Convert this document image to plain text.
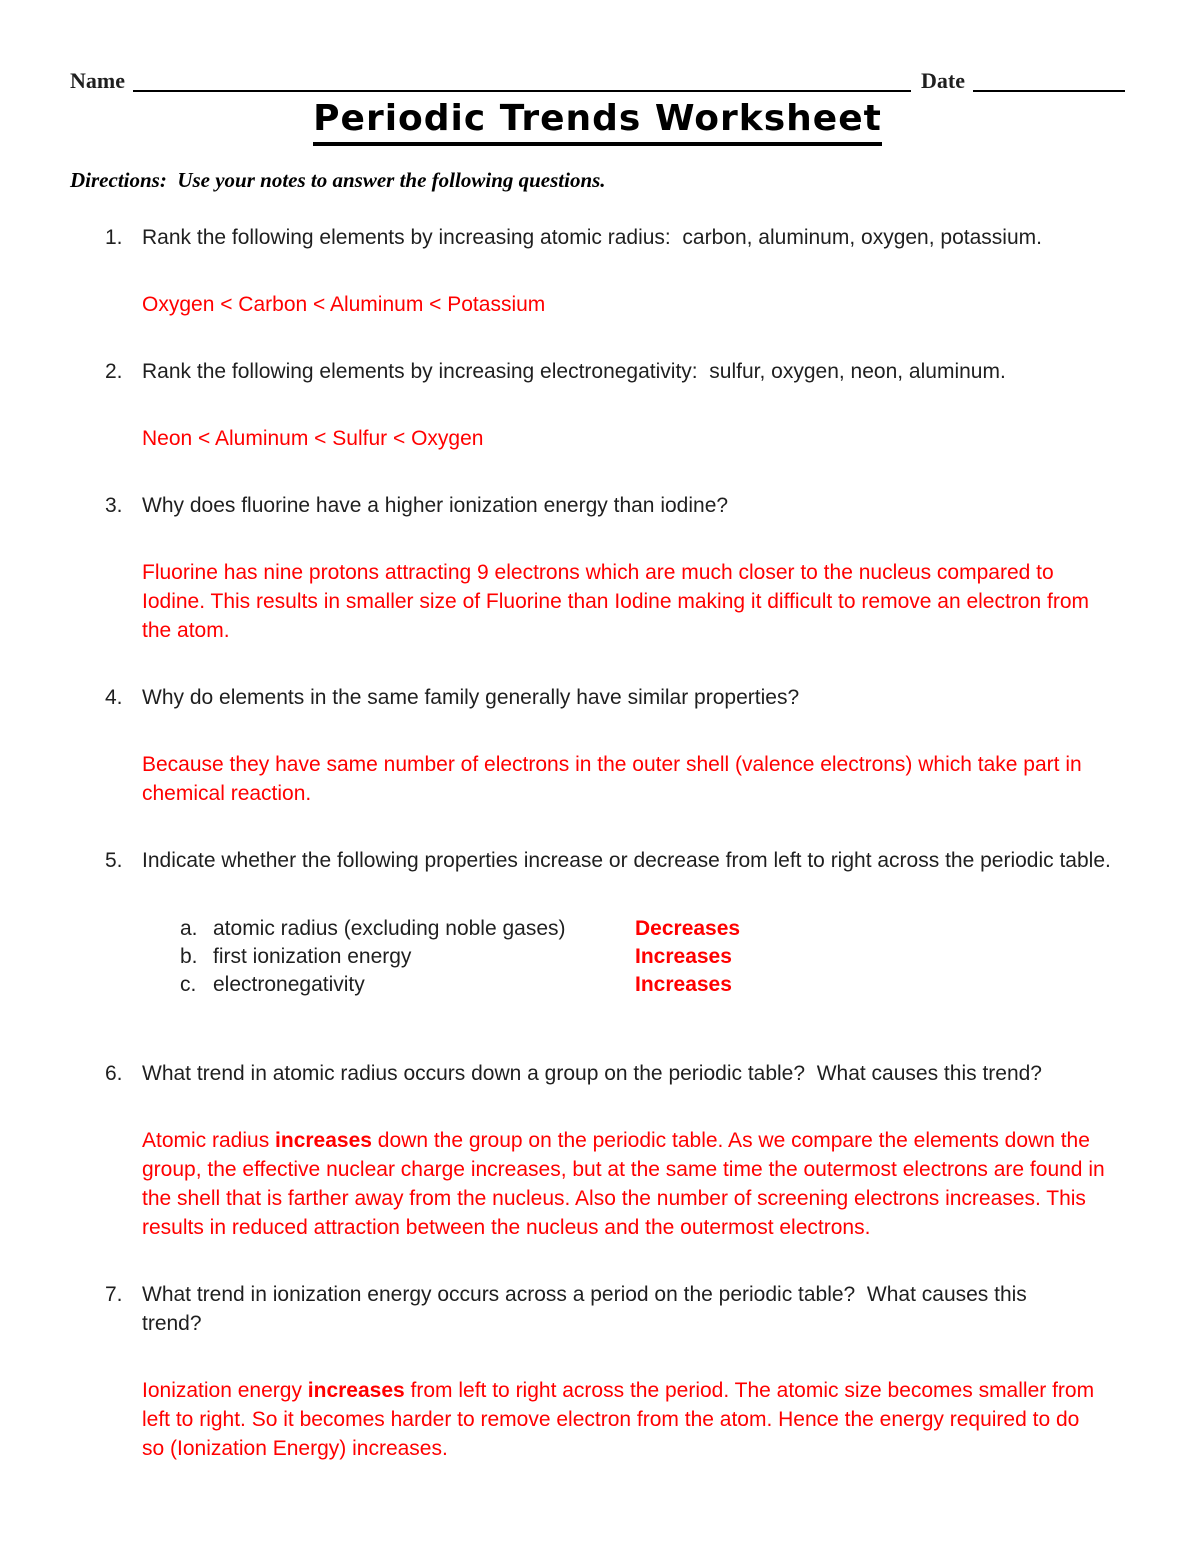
Name	Date
Periodic Trends Worksheet

Directions:  Use your notes to answer the following questions.

1. Rank the following elements by increasing atomic radius:  carbon, aluminum, oxygen, potassium.

Oxygen < Carbon < Aluminum < Potassium

2. Rank the following elements by increasing electronegativity:  sulfur, oxygen, neon, aluminum.

Neon < Aluminum < Sulfur < Oxygen

3. Why does fluorine have a higher ionization energy than iodine?

Fluorine has nine protons attracting 9 electrons which are much closer to the nucleus compared to Iodine. This results in smaller size of Fluorine than Iodine making it difficult to remove an electron from the atom.

4. Why do elements in the same family generally have similar properties?

Because they have same number of electrons in the outer shell (valence electrons) which take part in chemical reaction.

5. Indicate whether the following properties increase or decrease from left to right across the periodic table.

a. atomic radius (excluding noble gases)	Decreases
b. first ionization energy	Increases
c. electronegativity	Increases
6. What trend in atomic radius occurs down a group on the periodic table?  What causes this trend?

Atomic radius increases down the group on the periodic table. As we compare the elements down the group, the effective nuclear charge increases, but at the same time the outermost electrons are found in the shell that is farther away from the nucleus. Also the number of screening electrons increases. This results in reduced attraction between the nucleus and the outermost electrons.

7. What trend in ionization energy occurs across a period on the periodic table?  What causes this trend?

Ionization energy increases from left to right across the period. The atomic size becomes smaller from left to right. So it becomes harder to remove electron from the atom. Hence the energy required to do so (Ionization Energy) increases.
